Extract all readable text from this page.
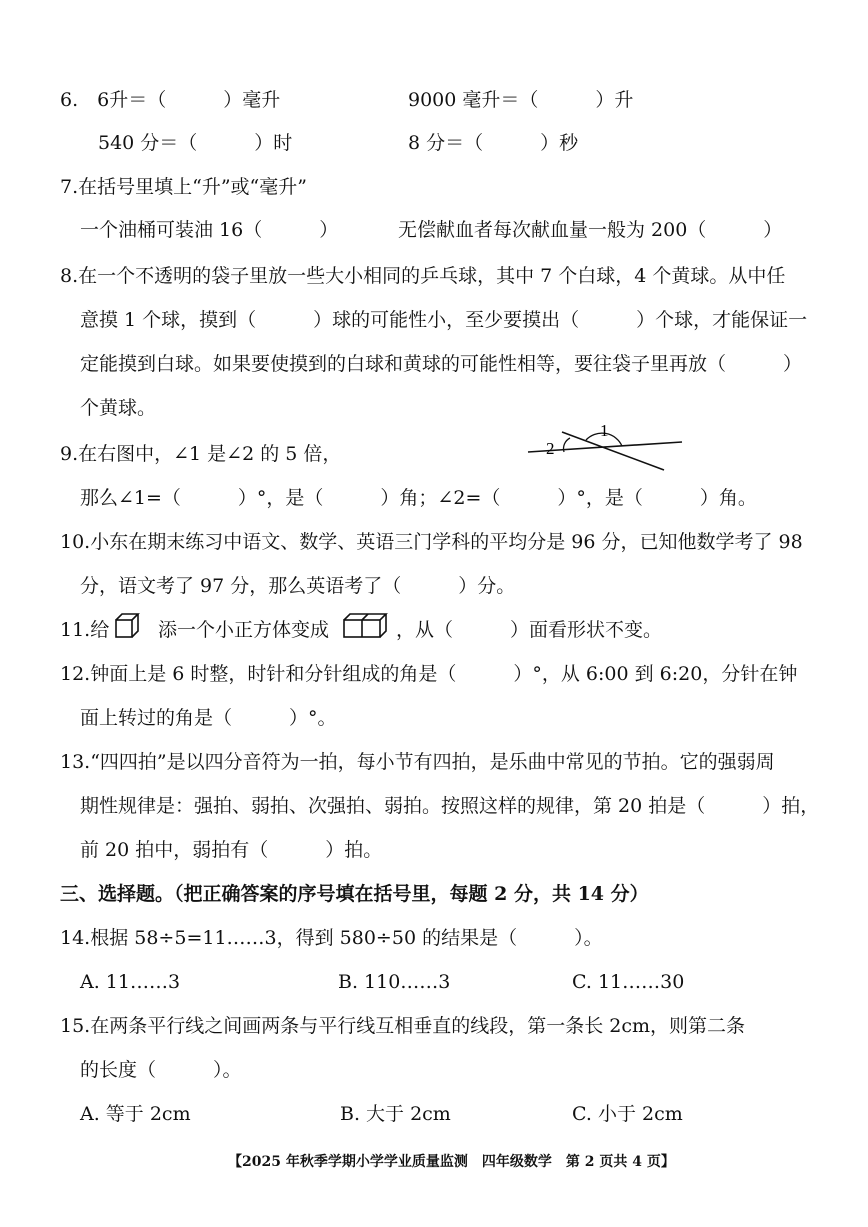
6.　6升＝（　　　）毫升	9000 毫升＝（　　　）升
540 分＝（　　　）时	8 分＝（　　　）秒
7.在括号里填上“升”或“毫升”
一个油桶可装油 16（　　　）	无偿献血者每次献血量一般为 200（　　　）
8.在一个不透明的袋子里放一些大小相同的乒乓球，其中 7 个白球，4 个黄球。从中任
意摸 1 个球，摸到（　　　）球的可能性小，至少要摸出（　　　）个球，才能保证一
定能摸到白球。如果要使摸到的白球和黄球的可能性相等，要往袋子里再放（　　　）
个黄球。
9.在右图中，∠1 是∠2 的 5 倍，
1
2
那么∠1=（　　　）°，是（　　　）角；∠2=（　　　）°，是（　　　）角。
10.小东在期末练习中语文、数学、英语三门学科的平均分是 96 分，已知他数学考了 98
分，语文考了 97 分，那么英语考了（　　　）分。
11.给	添一个小正方体变成	，从（　　　）面看形状不变。
12.钟面上是 6 时整，时针和分针组成的角是（　　　）°，从 6:00 到 6:20，分针在钟
面上转过的角是（　　　）°。
13.“四四拍”是以四分音符为一拍，每小节有四拍，是乐曲中常见的节拍。它的强弱周
期性规律是：强拍、弱拍、次强拍、弱拍。按照这样的规律，第 20 拍是（　　　）拍，
前 20 拍中，弱拍有（　　　）拍。
三、选择题。（把正确答案的序号填在括号里，每题 2 分，共 14 分）
14.根据 58÷5=11……3，得到 580÷50 的结果是（　　　）。
A. 11……3	B. 110……3	C. 11……30
15.在两条平行线之间画两条与平行线互相垂直的线段，第一条长 2cm，则第二条
的长度（　　　）。
A. 等于 2cm	B. 大于 2cm	C. 小于 2cm
【2025 年秋季学期小学学业质量监测　四年级数学　第 2 页共 4 页】
